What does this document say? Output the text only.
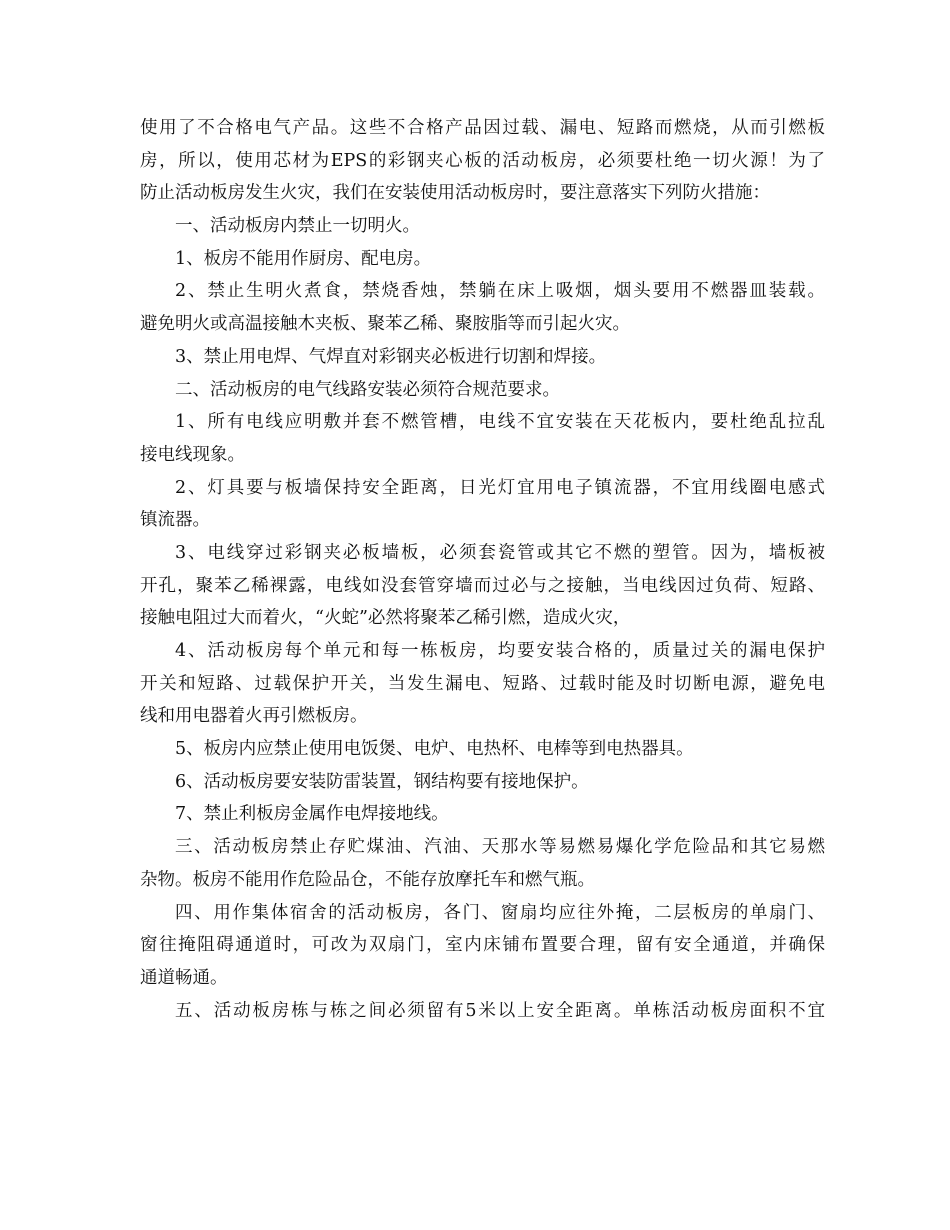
使用了不合格电气产品。这些不合格产品因过载、漏电、短路而燃烧，从而引燃板
房，所以，使用芯材为EPS的彩钢夹心板的活动板房，必须要杜绝一切火源！为了
防止活动板房发生火灾，我们在安装使用活动板房时，要注意落实下列防火措施：
一、活动板房内禁止一切明火。
1、板房不能用作厨房、配电房。
2、禁止生明火煮食，禁烧香烛，禁躺在床上吸烟，烟头要用不燃器皿装载。
避免明火或高温接触木夹板、聚苯乙稀、聚胺脂等而引起火灾。
3、禁止用电焊、气焊直对彩钢夹必板进行切割和焊接。
二、活动板房的电气线路安装必须符合规范要求。
1、所有电线应明敷并套不燃管槽，电线不宜安装在天花板内，要杜绝乱拉乱
接电线现象。
2、灯具要与板墙保持安全距离，日光灯宜用电子镇流器，不宜用线圈电感式
镇流器。
3、电线穿过彩钢夹必板墙板，必须套瓷管或其它不燃的塑管。因为，墙板被
开孔，聚苯乙稀裸露，电线如没套管穿墙而过必与之接触，当电线因过负荷、短路、
接触电阻过大而着火，“火蛇”必然将聚苯乙稀引燃，造成火灾，
4、活动板房每个单元和每一栋板房，均要安装合格的，质量过关的漏电保护
开关和短路、过载保护开关，当发生漏电、短路、过载时能及时切断电源，避免电
线和用电器着火再引燃板房。
5、板房内应禁止使用电饭煲、电炉、电热杯、电棒等到电热器具。
6、活动板房要安装防雷装置，钢结构要有接地保护。
7、禁止利板房金属作电焊接地线。
三、活动板房禁止存贮煤油、汽油、天那水等易燃易爆化学危险品和其它易燃
杂物。板房不能用作危险品仓，不能存放摩托车和燃气瓶。
四、用作集体宿舍的活动板房，各门、窗扇均应往外掩，二层板房的单扇门、
窗往掩阻碍通道时，可改为双扇门，室内床铺布置要合理，留有安全通道，并确保
通道畅通。
五、活动板房栋与栋之间必须留有5米以上安全距离。单栋活动板房面积不宜
